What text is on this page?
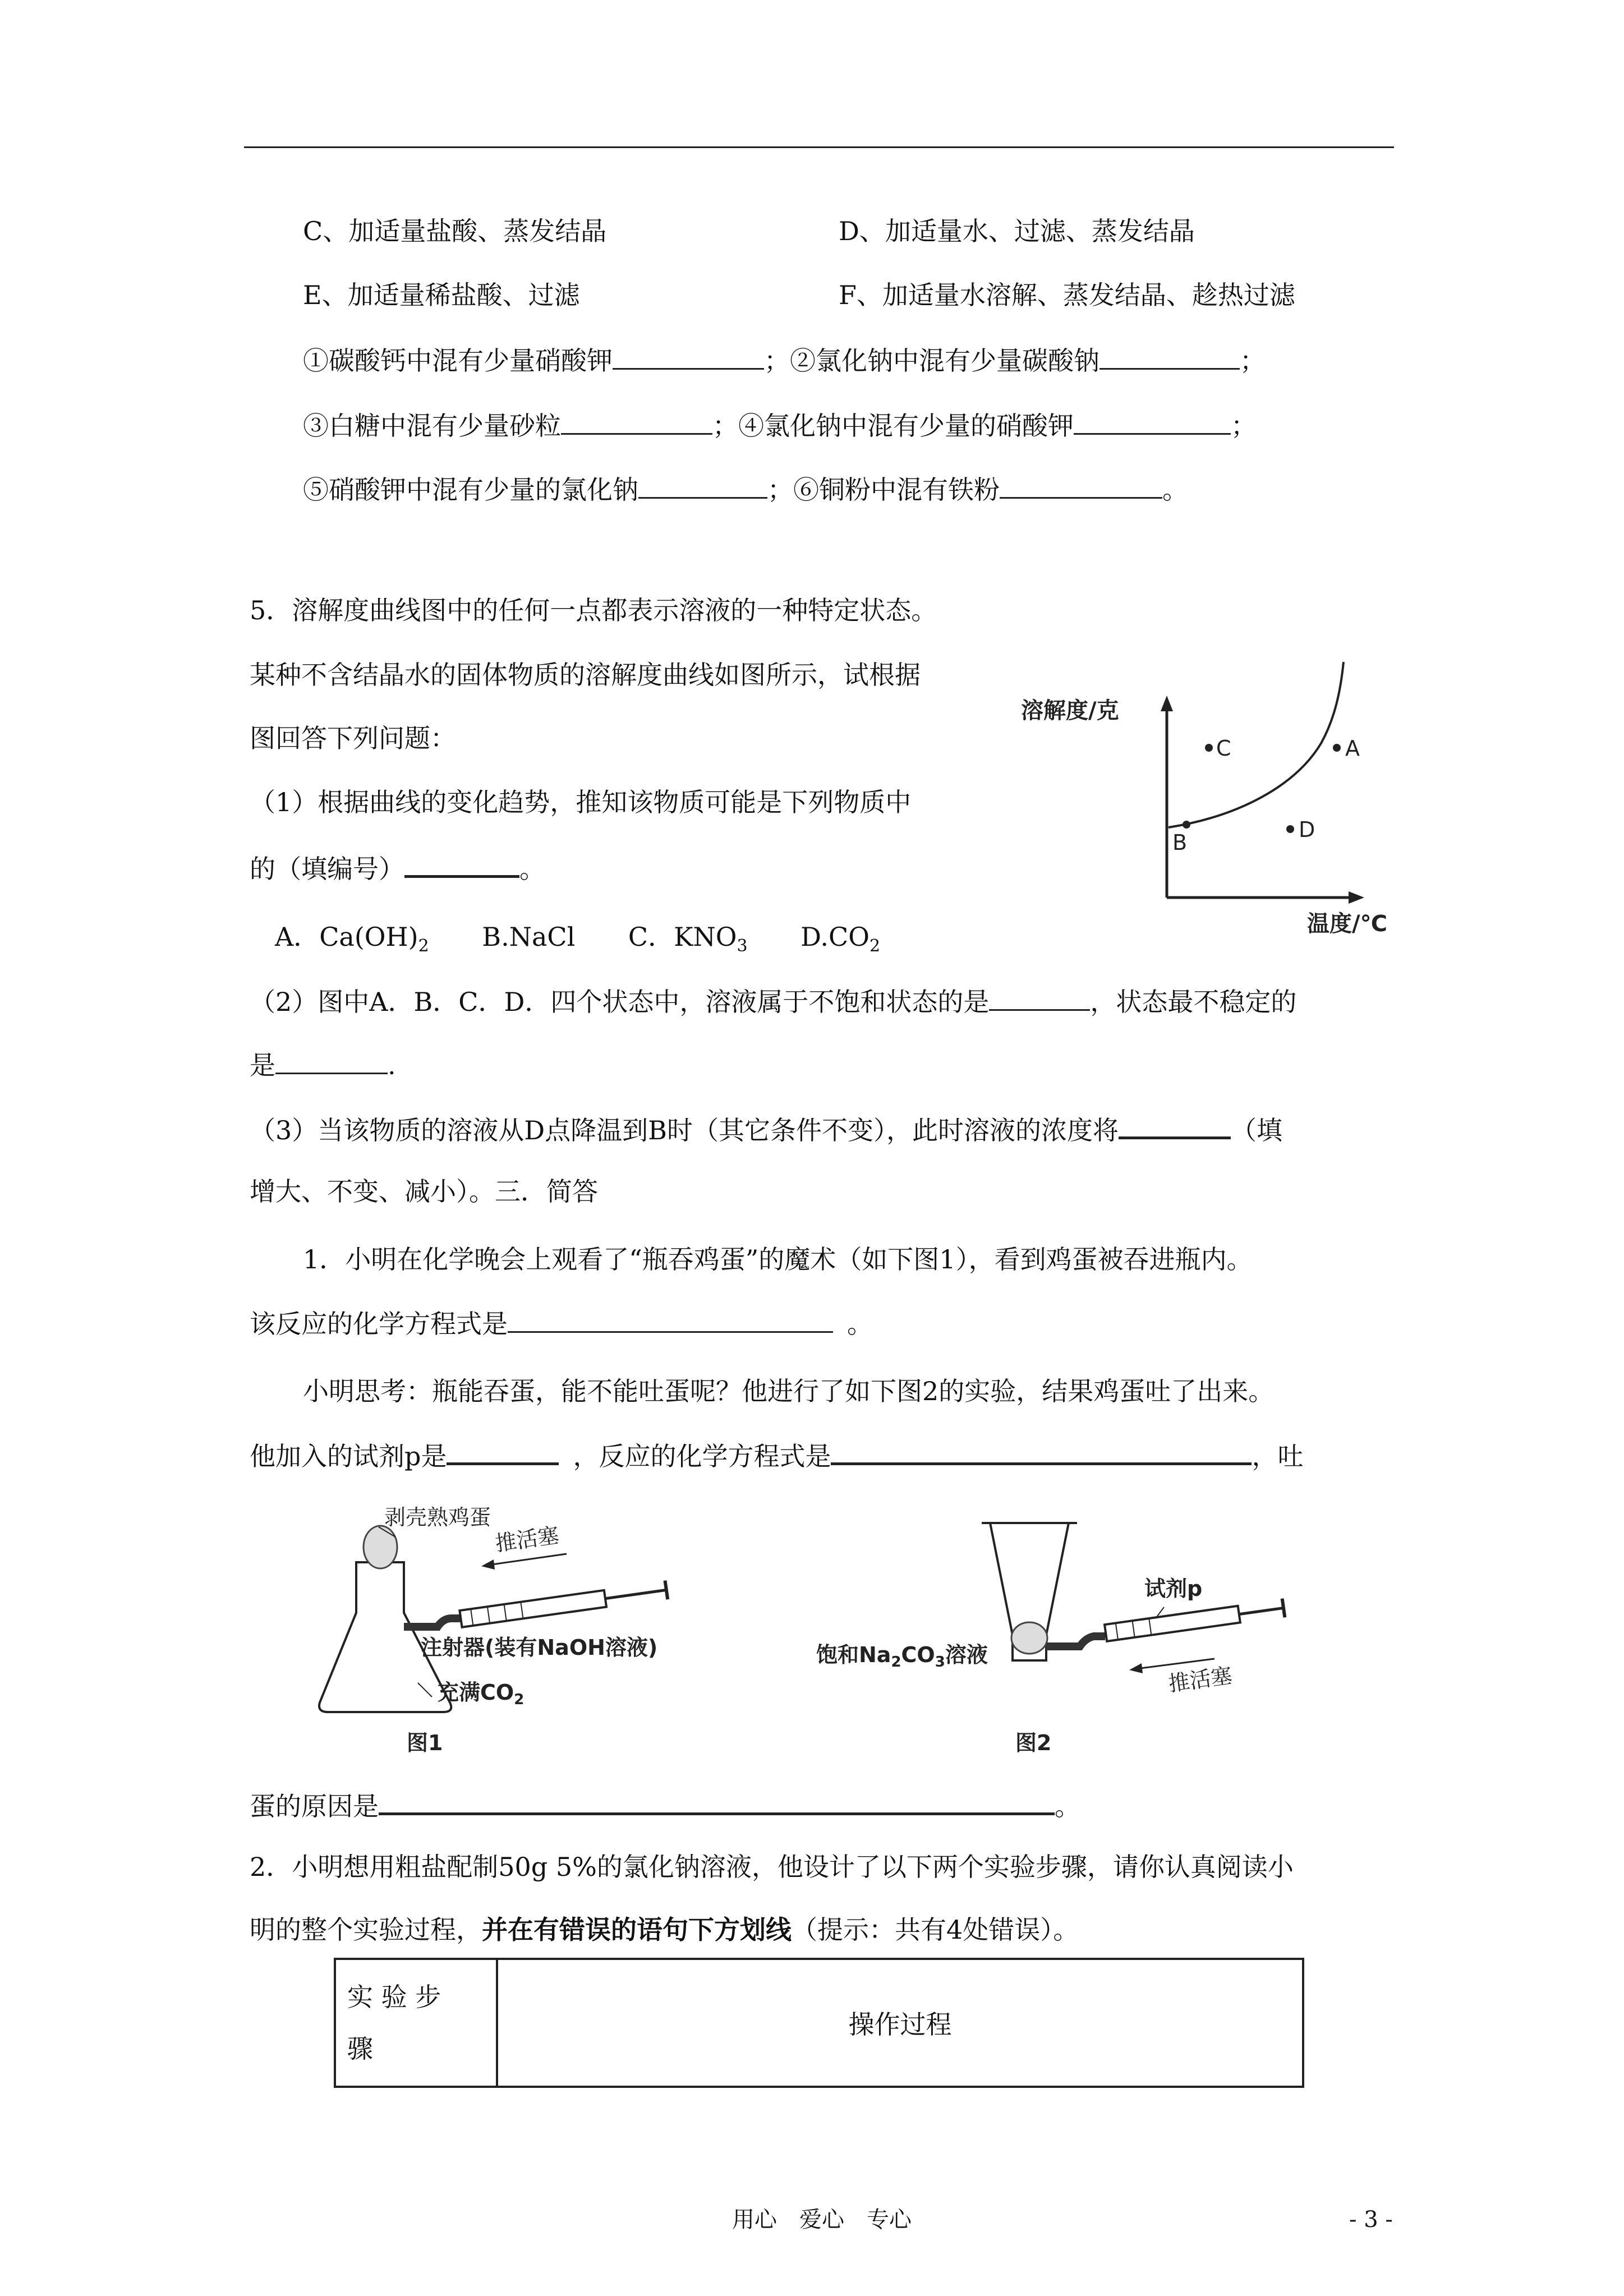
C、加适量盐酸、蒸发结晶	D、加适量水、过滤、蒸发结晶
E、加适量稀盐酸、过滤	F、加适量水溶解、蒸发结晶、趁热过滤
①碳酸钙中混有少量硝酸钾	；②氯化钠中混有少量碳酸钠	；
③白糖中混有少量砂粒	；④氯化钠中混有少量的硝酸钾	；
⑤硝酸钾中混有少量的氯化钠	；⑥铜粉中混有铁粉	。
5．溶解度曲线图中的任何一点都表示溶液的一种特定状态。
某种不含结晶水的固体物质的溶解度曲线如图所示，试根据
图回答下列问题：
（1）根据曲线的变化趋势，推知该物质可能是下列物质中
的（填编号）	。
A．$Ca(OH)_2$ B.NaCl C．$KNO_3$ $D.CO_2$
溶解度/克
温度/℃
B
C	A
D
（2）图中A．B．C．D．四个状态中，溶液属于不饱和状态的是	，状态最不稳定的
是	.
（3）当该物质的溶液从D点降温到B时（其它条件不变），此时溶液的浓度将	（填
增大、不变、减小）。三．简答
1．小明在化学晚会上观看了“瓶吞鸡蛋”的魔术（如下图1），看到鸡蛋被吞进瓶内。
该反应的化学方程式是	。
小明思考：瓶能吞蛋，能不能吐蛋呢？他进行了如下图2的实验，结果鸡蛋吐了出来。
他加入的试剂p是	，反应的化学方程式是	，吐
剥壳熟鸡蛋
推活塞
注射器(装有NaOH溶液)
充满$CO_2$
图1
试剂p
饱和$Na_2CO_3$溶液
推活塞
图2
蛋的原因是	。
2．小明想用粗盐配制50g 5%的氯化钠溶液，他设计了以下两个实验步骤，请你认真阅读小
明的整个实验过程，并在有错误的语句下方划线（提示：共有4处错误）。
实 验 步
骤
	操作过程
用心　爱心　专心	- 3 -
